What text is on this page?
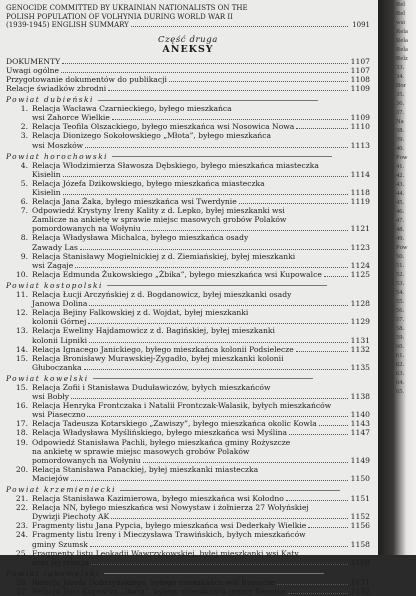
GENOCIDE COMMITTED BY UKRAINIAN NATIONALISTS ON THE
POLISH POPULATION OF VOLHYNIA DURING WORLD WAR II
(1939-1945) ENGLISH SUMMARY	1091
Część druga
ANEKSY
DOKUMENTY	1107
Uwagi ogólne	1107
Przygotowanie dokumentów do publikacji	1108
Relacje świadków zbrodni	1109
Powiat dubieński
1. Relacja Wacława Czarnieckiego, byłego mieszkańca
wsi Zahorce Wielkie	1109
2. Relacja Teofila Olszackiego, byłego mieszkańca wsi Nosowica Nowa	1110
3. Relacja Dionizego Sokołowskiego „Młota”, byłego mieszkańca
wsi Moszków	1113
Powiat horochowski
4. Relacja Włodzimierza Sławosza Dębskiego, byłego mieszkańca miasteczka
Kisielin	1114
5. Relacja Józefa Dzikowskiego, byłego mieszkańca miasteczka
Kisielin	1118
6. Relacja Jana Żaka, byłego mieszkańca wsi Twerdynie	1119
7. Odpowiedź Krystyny Ireny Kality z d. Lepko, byłej mieszkanki wsi
Zamlicze na ankietę w sprawie miejsc masowych grobów Polaków
pomordowanych na Wołyniu	1121
8. Relacja Władysława Michalca, byłego mieszkańca osady
Zawady Las	1123
9. Relacja Stanisławy Mogielnickiej z d. Ziemiańskiej, byłej mieszkanki
wsi Zagaje	1124
10. Relacja Edmunda Żukowskiego „Żbika”, byłego mieszkańca wsi Kupowalce	1125
Powiat kostopolski
11. Relacja Łucji Arczyńskiej z d. Bogdanowicz, byłej mieszkanki osady
Janowa Dolina	1128
12. Relacja Bejiny Falkowskiej z d. Wojdat, byłej mieszkanki
kolonii Górnej	1129
13. Relacja Eweliny Hajdamowicz z d. Bagińskiej, byłej mieszkanki
kolonii Lipniki	1131
14. Relacja Ignacego Janickiego, byłego mieszkańca kolonii Podsielecze	1132
15. Relacja Bronisławy Murawskiej-Zygadło, byłej mieszkanki kolonii
Głuboczanka	1135
Powiat kowelski
15. Relacja Zofii i Stanisława Duduławiczów, byłych mieszkańców
wsi Bobły	1138
16. Relacja Henryka Frontczaka i Natalii Frontczak-Walasik, byłych mieszkańców
wsi Piaseczno	1140
17. Relacja Tadeusza Kotarskiego „Zawiszy”, byłego mieszkańca okolic Kowla	1143
18. Relacja Władysława Myślińskiego, byłego mieszkańca wsi Myślina	1147
19. Odpowiedź Stanisława Pachli, byłego mieszkańca gminy Rożyszcze
na ankietę w sprawie miejsc masowych grobów Polaków
pomordowanych na Wołyniu	1149
20. Relacja Stanisława Panackiej, byłej mieszkanki miasteczka
Maciejów	1150
Powiat krzemieniecki
21. Relacja Stanisława Kazimierowa, byłego mieszkańca wsi Kołodno	1151
22. Relacja NN, byłego mieszkańca wsi Nowystaw i żołnierza 27 Wołyńskiej
Dywizji Piechoty AK	1152
23. Fragmenty listu Jana Pypcia, byłego mieszkańca wsi Dederkały Wielkie	1156
24. Fragmenty listu Ireny i Mieczysława Trawińskich, byłych mieszkańców
gminy Szumsk	1158
25. Fragmenty listu Leokadii Wawrzykowskiej, byłej mieszkanki wsi Katy
oraz jej relacja	1169
Powiat lubomelski
26. Relacja Józefa Dobrzyńskiego, byłego mieszkańca wsi Rymacze	1171
27. Relacja Jana Kupracza „Ikara”, byłego mieszkańca gminy Bereźce	1172
Rel
Rel
wsi
Rela
Rela
Rela
Relz
33.
34.
Bor
35.
36.
37.
Na
38.
39.
40.
Pow
41.
42.
43.
44.
45.
46.
47.
48.
49.
Pow
50.
51.
52.
53.
54.
55.
56.
57.
58.
59.
60.
61.
62.
63.
64.
65.
